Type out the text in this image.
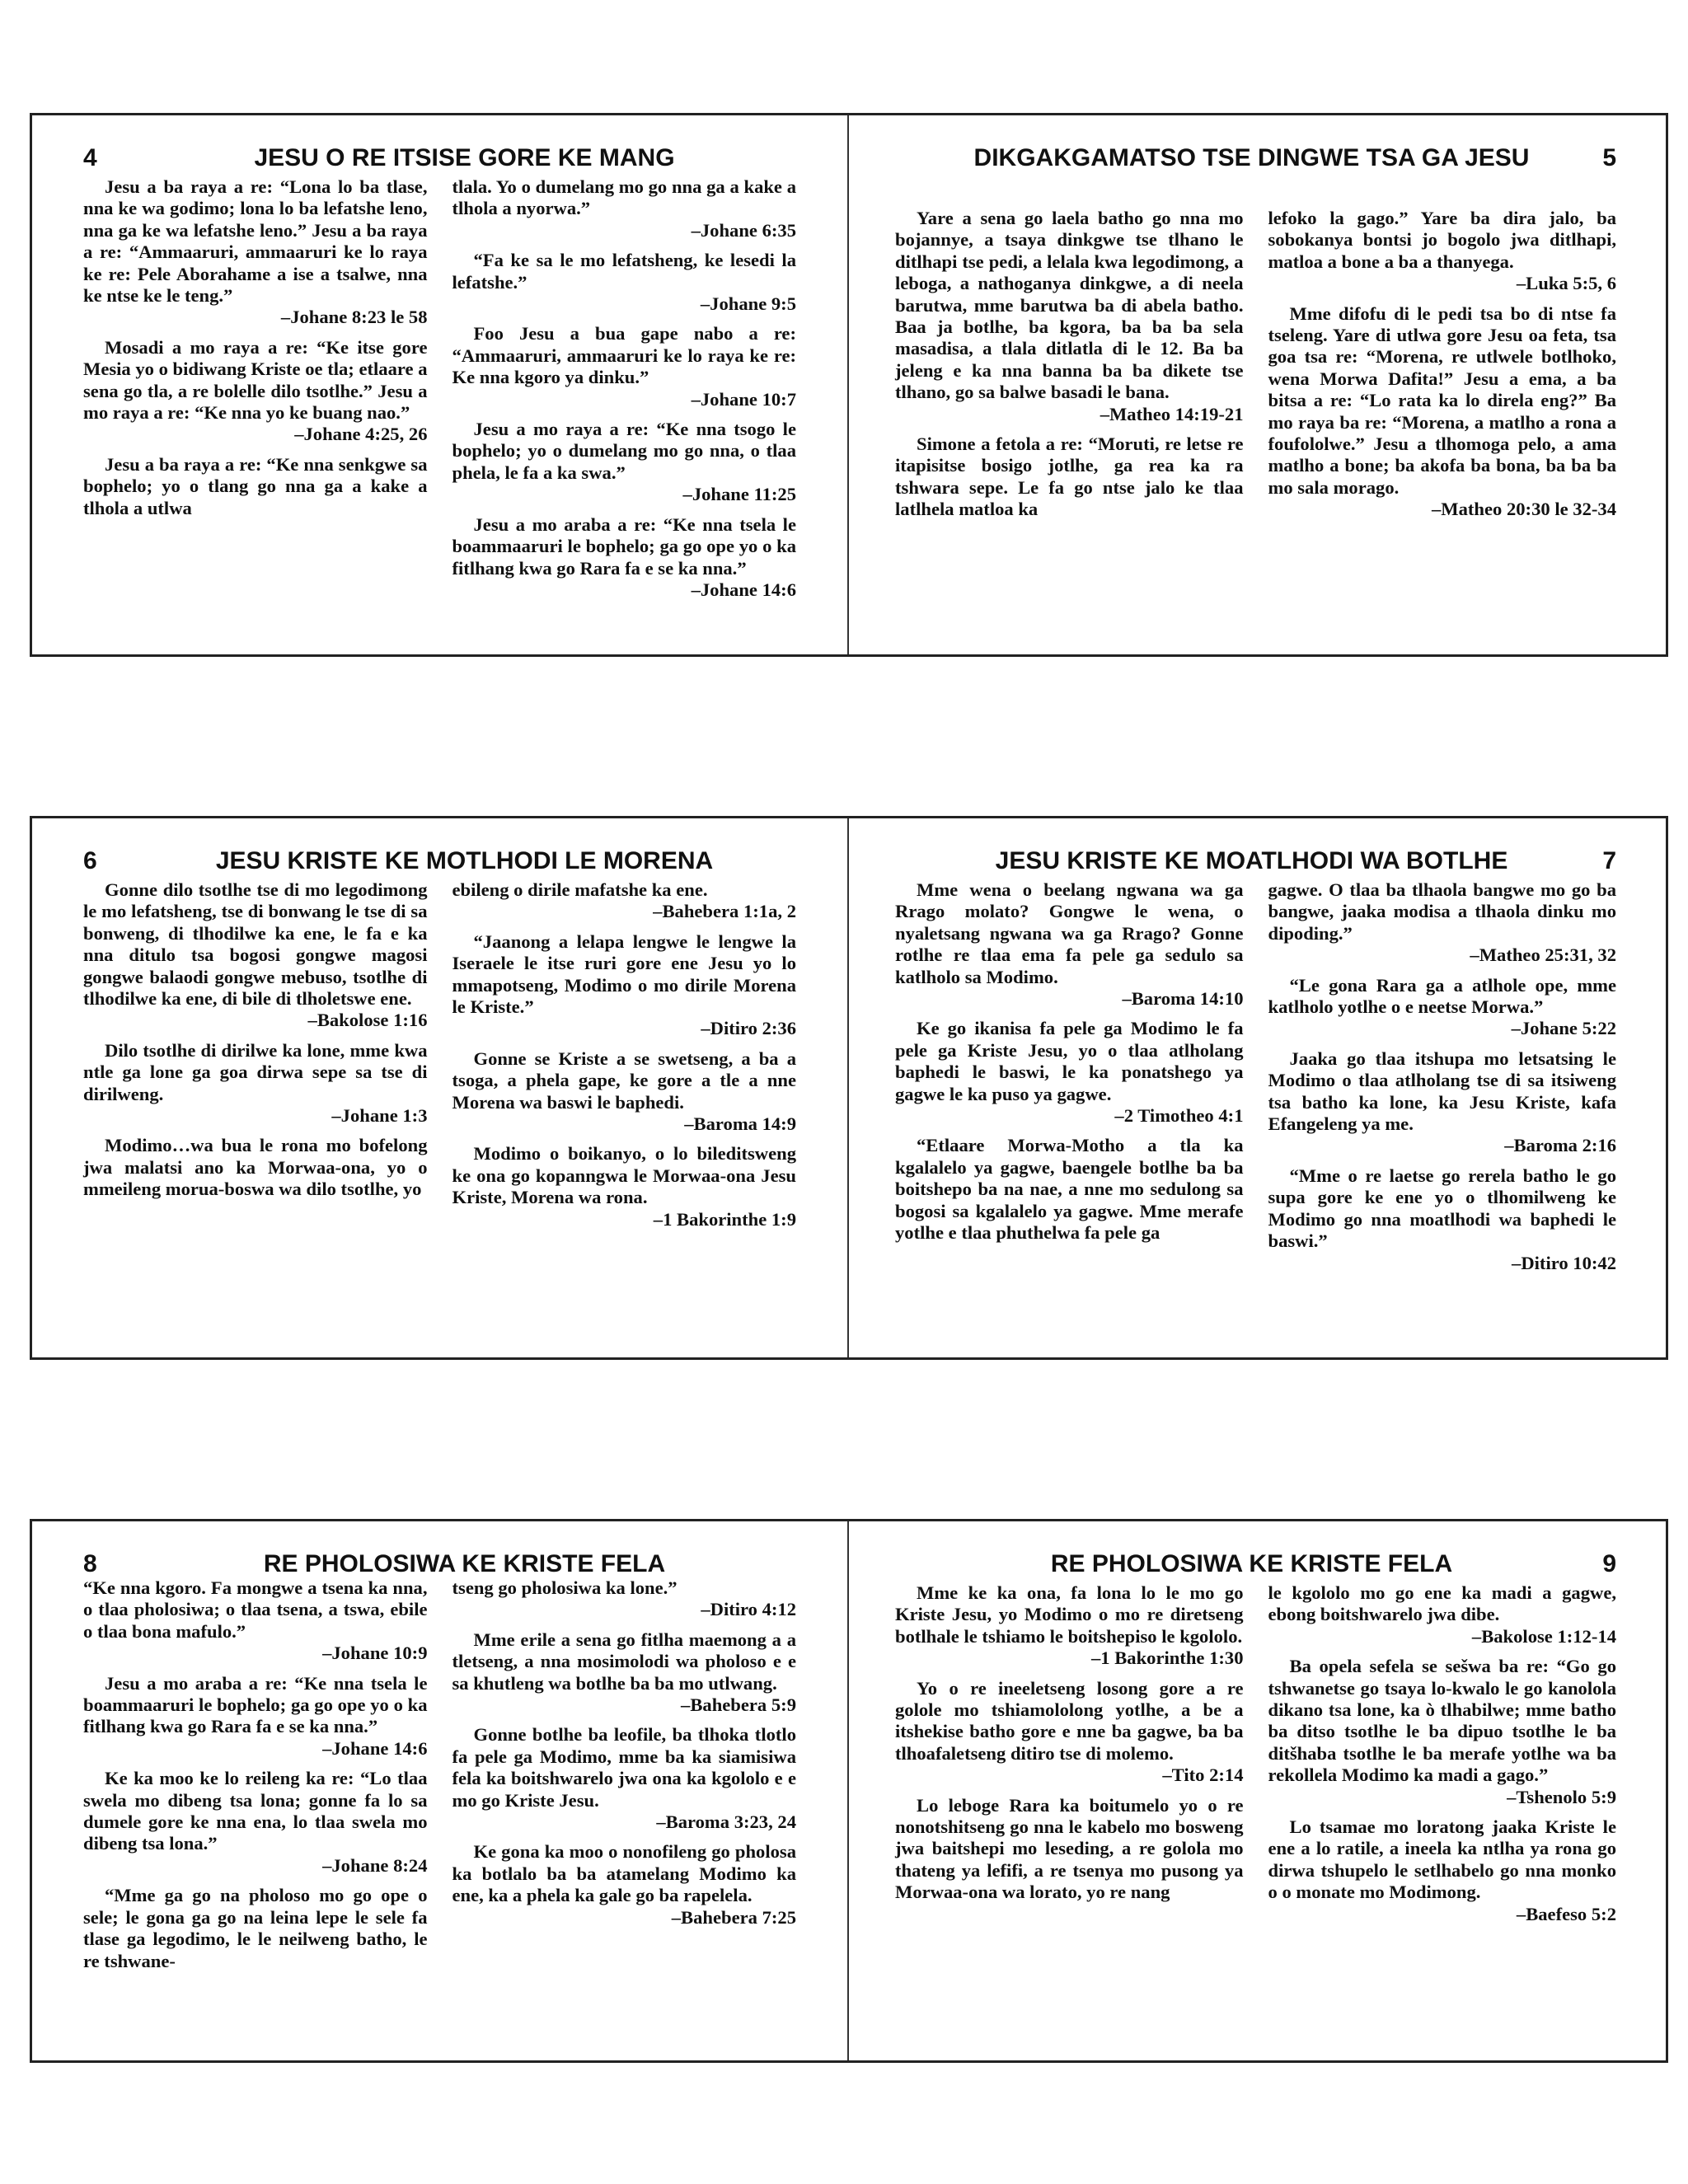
4	JESU O RE ITSISE GORE KE MANG

Jesu a ba raya a re: “Lona lo ba tlase, nna ke wa godimo; lona lo ba lefatshe leno, nna ga ke wa lefatshe leno.” Jesu a ba raya a re: “Ammaaruri, ammaaruri ke lo raya ke re: Pele Aborahame a ise a tsalwe, nna ke ntse ke le teng.”
–Johane 8:23 le 58

Mosadi a mo raya a re: “Ke itse gore Mesia yo o bidiwang Kriste oe tla; etlaare a sena go tla, a re bolelle dilo tsotlhe.” Jesu a mo raya a re: “Ke nna yo ke buang nao.”
–Johane 4:25, 26

Jesu a ba raya a re: “Ke nna senkgwe sa bophelo; yo o tlang go nna ga a kake a tlhola a utlwa

tlala. Yo o dumelang mo go nna ga a kake a tlhola a nyorwa.”
–Johane 6:35

“Fa ke sa le mo lefatsheng, ke lesedi la lefatshe.”
–Johane 9:5

Foo Jesu a bua gape nabo a re: “Ammaaruri, ammaaruri ke lo raya ke re: Ke nna kgoro ya dinku.”
–Johane 10:7

Jesu a mo raya a re: “Ke nna tsogo le bophelo; yo o dumelang mo go nna, o tlaa phela, le fa a ka swa.”
–Johane 11:25

Jesu a mo araba a re: “Ke nna tsela le boammaaruri le bophelo; ga go ope yo o ka fitlhang kwa go Rara fa e se ka nna.”
–Johane 14:6

DIKGAKGAMATSO TSE DINGWE TSA GA JESU	5

Yare a sena go laela batho go nna mo bojannye, a tsaya dinkgwe tse tlhano le ditlhapi tse pedi, a lelala kwa legodimong, a leboga, a nathoganya dinkgwe, a di neela barutwa, mme barutwa ba di abela batho. Baa ja botlhe, ba kgora, ba ba ba sela masadisa, a tlala ditlatla di le 12. Ba ba jeleng e ka nna banna ba ba dikete tse tlhano, go sa balwe basadi le bana.
–Matheo 14:19-21

Simone a fetola a re: “Moruti, re letse re itapisitse bosigo jotlhe, ga rea ka ra tshwara sepe. Le fa go ntse jalo ke tlaa latlhela matloa ka

lefoko la gago.” Yare ba dira jalo, ba sobokanya bontsi jo bogolo jwa ditlhapi, matloa a bone a ba a thanyega.
–Luka 5:5, 6

Mme difofu di le pedi tsa bo di ntse fa tseleng. Yare di utlwa gore Jesu oa feta, tsa goa tsa re: “Morena, re utlwele botlhoko, wena Morwa Dafita!” Jesu a ema, a ba bitsa a re: “Lo rata ka lo direla eng?” Ba mo raya ba re: “Morena, a matlho a rona a foufololwe.” Jesu a tlhomoga pelo, a ama matlho a bone; ba akofa ba bona, ba ba ba mo sala morago.
–Matheo 20:30 le 32-34

6	JESU KRISTE KE MOTLHODI LE MORENA

Gonne dilo tsotlhe tse di mo legodimong le mo lefatsheng, tse di bonwang le tse di sa bonweng, di tlhodilwe ka ene, le fa e ka nna ditulo tsa bogosi gongwe magosi gongwe balaodi gongwe mebuso, tsotlhe di tlhodilwe ka ene, di bile di tlholetswe ene.
–Bakolose 1:16

Dilo tsotlhe di dirilwe ka lone, mme kwa ntle ga lone ga goa dirwa sepe sa tse di dirilweng.
–Johane 1:3

Modimo…wa bua le rona mo bofelong jwa malatsi ano ka Morwaa-ona, yo o mmeileng morua-boswa wa dilo tsotlhe, yo

ebileng o dirile mafatshe ka ene.
–Bahebera 1:1a, 2

“Jaanong a lelapa lengwe le lengwe la Iseraele le itse ruri gore ene Jesu yo lo mmapotseng, Modimo o mo dirile Morena le Kriste.”
–Ditiro 2:36

Gonne se Kriste a se swetseng, a ba a tsoga, a phela gape, ke gore a tle a nne Morena wa baswi le baphedi.
–Baroma 14:9

Modimo o boikanyo, o lo bileditsweng ke ona go kopanngwa le Morwaa-ona Jesu Kriste, Morena wa rona.
–1 Bakorinthe 1:9

JESU KRISTE KE MOATLHODI WA BOTLHE	7

Mme wena o beelang ngwana wa ga Rrago molato? Gongwe le wena, o nyaletsang ngwana wa ga Rrago? Gonne rotlhe re tlaa ema fa pele ga sedulo sa katlholo sa Modimo.
–Baroma 14:10

Ke go ikanisa fa pele ga Modimo le fa pele ga Kriste Jesu, yo o tlaa atlholang baphedi le baswi, le ka ponatshego ya gagwe le ka puso ya gagwe.
–2 Timotheo 4:1

“Etlaare Morwa-Motho a tla ka kgalalelo ya gagwe, baengele botlhe ba ba boitshepo ba na nae, a nne mo sedulong sa bogosi sa kgalalelo ya gagwe. Mme merafe yotlhe e tlaa phuthelwa fa pele ga

gagwe. O tlaa ba tlhaola bangwe mo go ba bangwe, jaaka modisa a tlhaola dinku mo dipoding.”
–Matheo 25:31, 32

“Le gona Rara ga a atlhole ope, mme katlholo yotlhe o e neetse Morwa.”
–Johane 5:22

Jaaka go tlaa itshupa mo letsatsing le Modimo o tlaa atlholang tse di sa itsiweng tsa batho ka lone, ka Jesu Kriste, kafa Efangeleng ya me.
–Baroma 2:16

“Mme o re laetse go rerela batho le go supa gore ke ene yo o tlhomilweng ke Modimo go nna moatlhodi wa baphedi le baswi.”
–Ditiro 10:42

8	RE PHOLOSIWA KE KRISTE FELA

“Ke nna kgoro. Fa mongwe a tsena ka nna, o tlaa pholosiwa; o tlaa tsena, a tswa, ebile o tlaa bona mafulo.”
–Johane 10:9

Jesu a mo araba a re: “Ke nna tsela le boammaaruri le bophelo; ga go ope yo o ka fitlhang kwa go Rara fa e se ka nna.”
–Johane 14:6

Ke ka moo ke lo reileng ka re: “Lo tlaa swela mo dibeng tsa lona; gonne fa lo sa dumele gore ke nna ena, lo tlaa swela mo dibeng tsa lona.”
–Johane 8:24

“Mme ga go na pholoso mo go ope o sele; le gona ga go na leina lepe le sele fa tlase ga legodimo, le le neilweng batho, le re tshwane-

tseng go pholosiwa ka lone.”
–Ditiro 4:12

Mme erile a sena go fitlha maemong a a tletseng, a nna mosimolodi wa pholoso e e sa khutleng wa botlhe ba ba mo utlwang.
–Bahebera 5:9

Gonne botlhe ba leofile, ba tlhoka tlotlo fa pele ga Modimo, mme ba ka siamisiwa fela ka boitshwarelo jwa ona ka kgololo e e mo go Kriste Jesu.
–Baroma 3:23, 24

Ke gona ka moo o nonofileng go pholosa ka botlalo ba ba atamelang Modimo ka ene, ka a phela ka gale go ba rapelela.
–Bahebera 7:25

RE PHOLOSIWA KE KRISTE FELA	9

Mme ke ka ona, fa lona lo le mo go Kriste Jesu, yo Modimo o mo re diretseng botlhale le tshiamo le boitshepiso le kgololo.
–1 Bakorinthe 1:30

Yo o re ineeletseng losong gore a re golole mo tshiamololong yotlhe, a be a itshekise batho gore e nne ba gagwe, ba ba tlhoafaletseng ditiro tse di molemo.
–Tito 2:14

Lo leboge Rara ka boitumelo yo o re nonotshitseng go nna le kabelo mo bosweng jwa baitshepi mo leseding, a re golola mo thateng ya lefifi, a re tsenya mo pusong ya Morwaa-ona wa lorato, yo re nang

le kgololo mo go ene ka madi a gagwe, ebong boitshwarelo jwa dibe.
–Bakolose 1:12-14

Ba opela sefela se sešwa ba re: “Go go tshwanetse go tsaya lo-kwalo le go kanolola dikano tsa lone, ka ò tlhabilwe; mme batho ba ditso tsotlhe le ba dipuo tsotlhe le ba ditšhaba tsotlhe le ba merafe yotlhe wa ba rekollela Modimo ka madi a gago.”
–Tshenolo 5:9

Lo tsamae mo loratong jaaka Kriste le ene a lo ratile, a ineela ka ntlha ya rona go dirwa tshupelo le setlhabelo go nna monko o o monate mo Modimong.
–Baefeso 5:2
